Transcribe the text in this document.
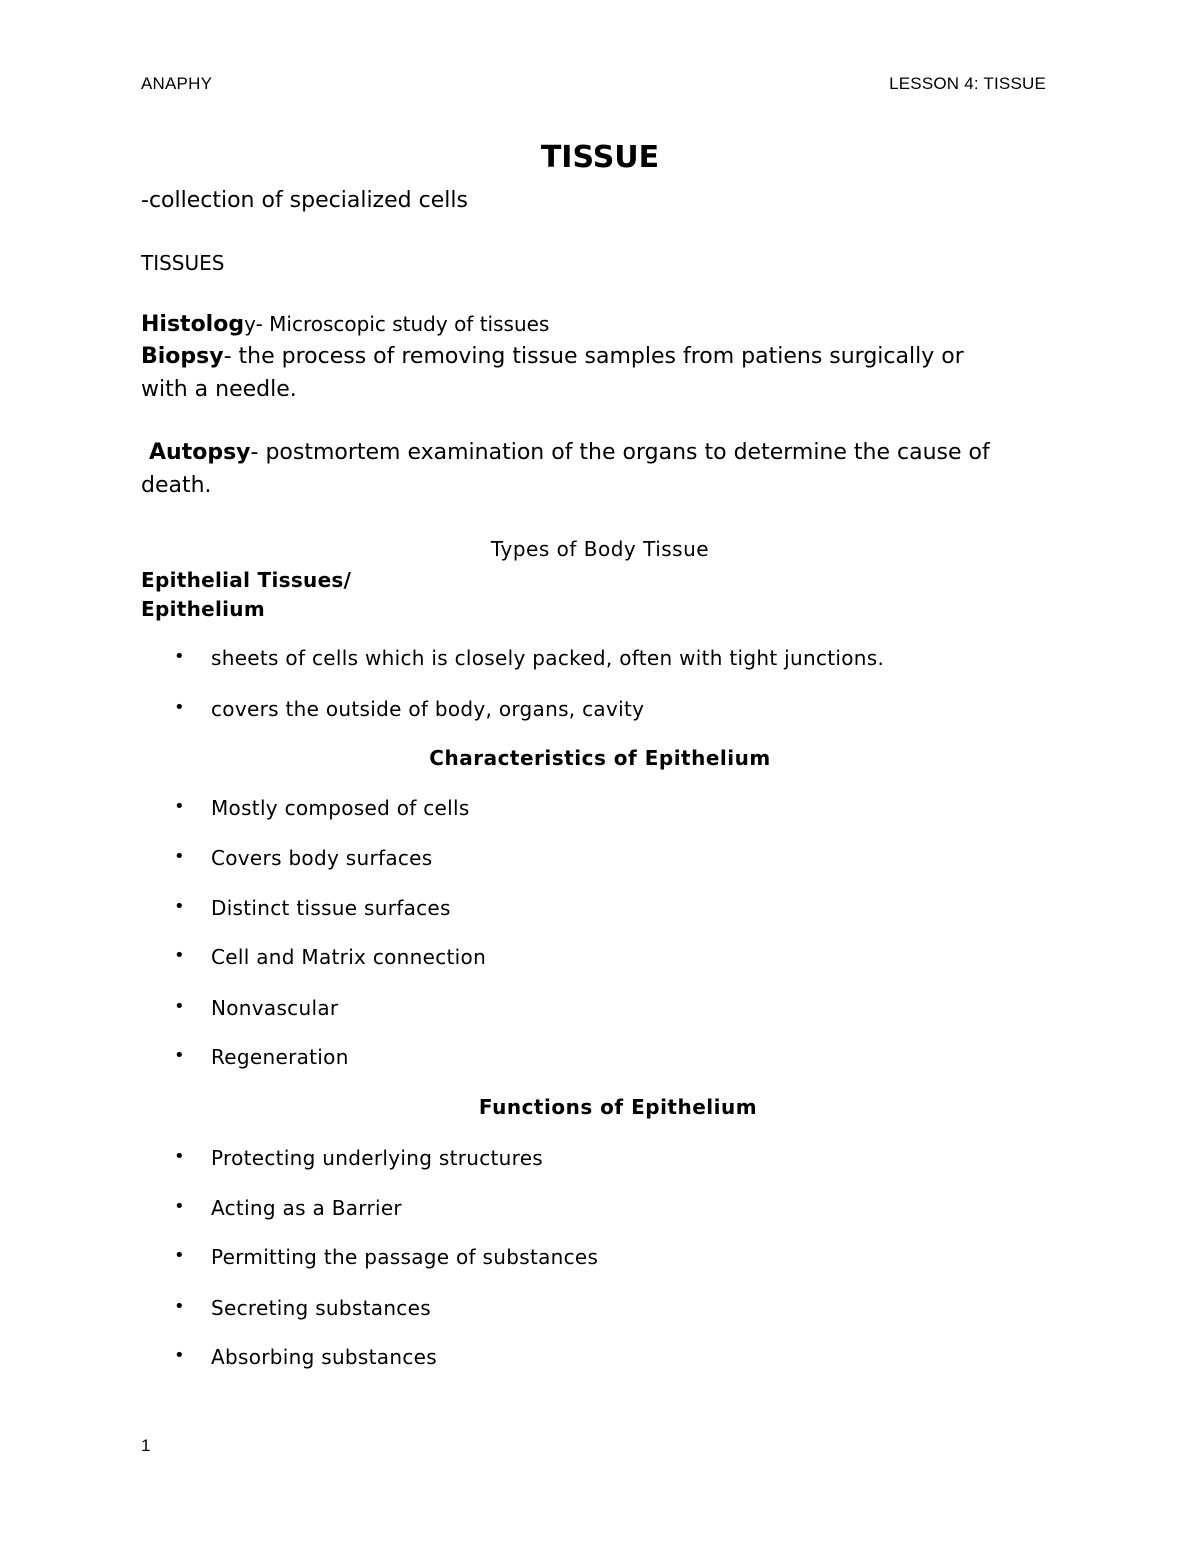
ANAPHY	LESSON 4: TISSUE
TISSUE
-collection of specialized cells
TISSUES
Histology- Microscopic study of tissues
Biopsy- the process of removing tissue samples from patiens surgically or
with a needle.
Autopsy- postmortem examination of the organs to determine the cause of
death.
Types of Body Tissue
Epithelial Tissues/
Epithelium
• sheets of cells which is closely packed, often with tight junctions.
• covers the outside of body, organs, cavity
Characteristics of Epithelium
• Mostly composed of cells
• Covers body surfaces
• Distinct tissue surfaces
• Cell and Matrix connection
• Nonvascular
• Regeneration
Functions of Epithelium
• Protecting underlying structures
• Acting as a Barrier
• Permitting the passage of substances
• Secreting substances
• Absorbing substances
1
